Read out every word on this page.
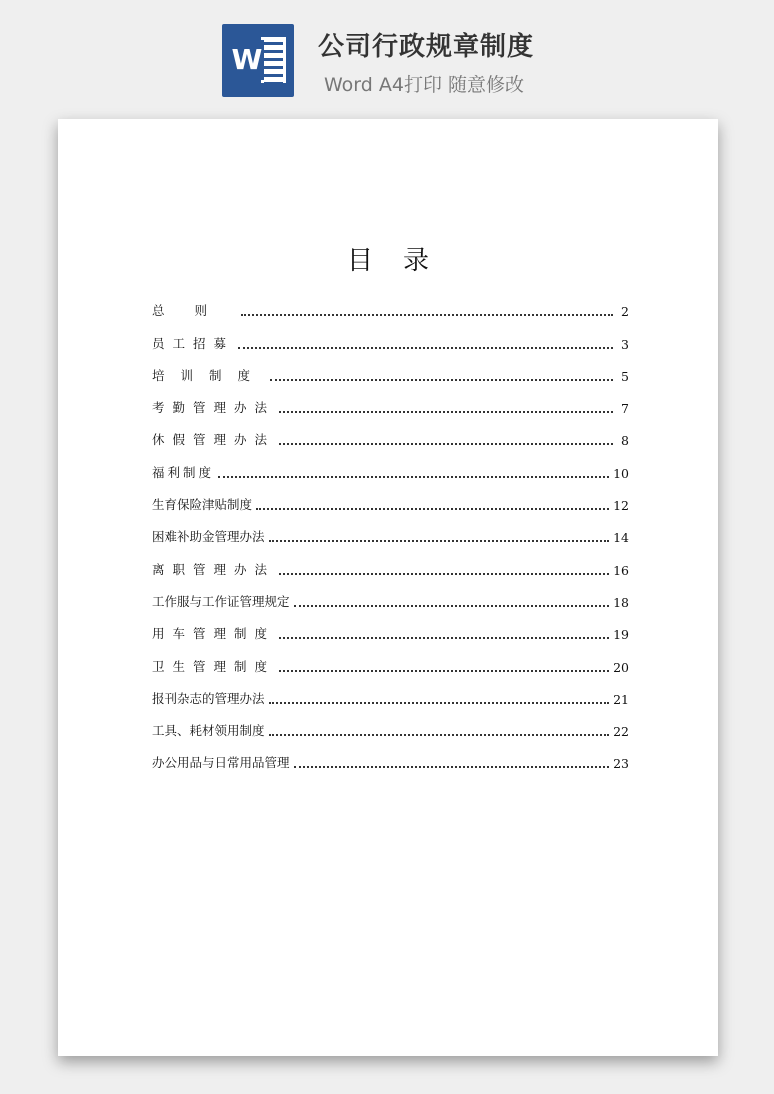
W 公司行政规章制度
Word A4打印 随意修改

目 录
总则	2
员工招募	3
培训制度	5
考勤管理办法	7
休假管理办法	8
福利制度	10
生育保险津贴制度	12
困难补助金管理办法	14
离职管理办法	16
工作服与工作证管理规定	18
用车管理制度	19
卫生管理制度	20
报刊杂志的管理办法	21
工具、耗材领用制度	22
办公用品与日常用品管理	23
